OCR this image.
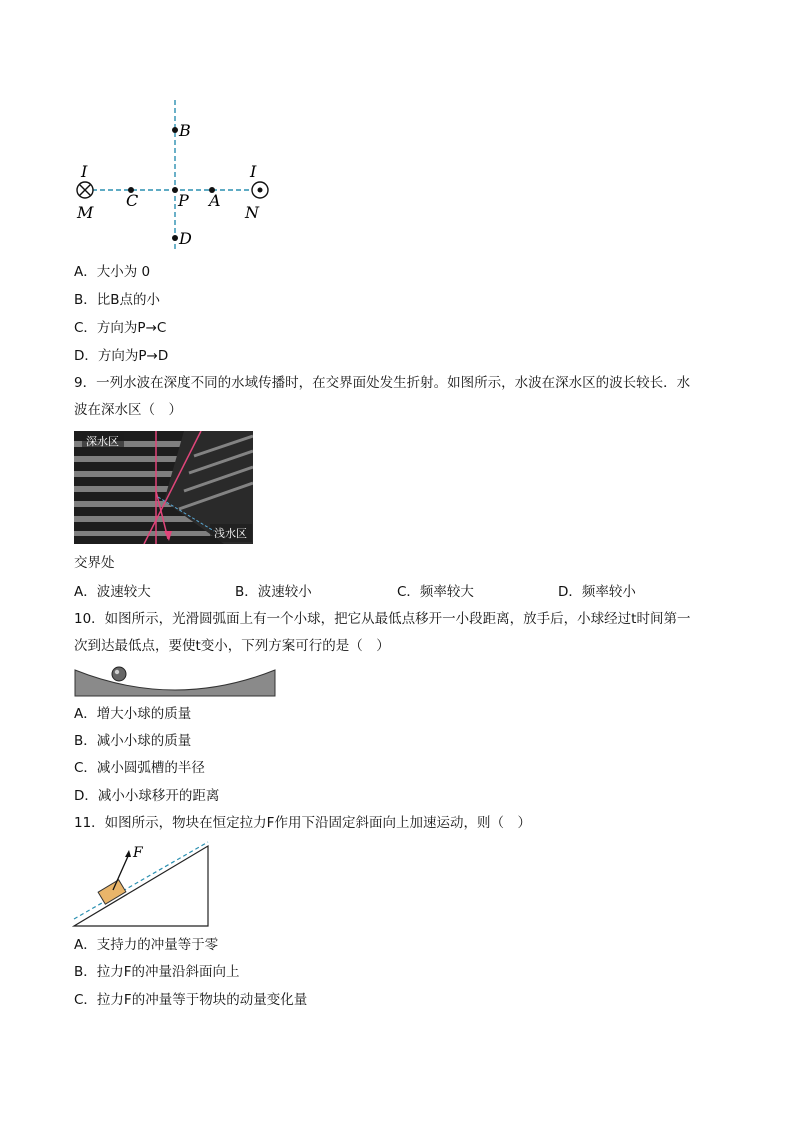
B
C P A
D
I
M
I
N
A．大小为 0
B．比B点的小
C．方向为P→C
D．方向为P→D
9．一列水波在深度不同的水域传播时，在交界面处发生折射。如图所示，水波在深水区的波长较长．水
波在深水区（　）
深水区
浅水区
交界处
A．波速较大	B．波速较小	C．频率较大	D．频率较小
10．如图所示，光滑圆弧面上有一个小球，把它从最低点移开一小段距离，放手后，小球经过t时间第一
次到达最低点，要使t变小，下列方案可行的是（　）
A．增大小球的质量
B．减小小球的质量
C．减小圆弧槽的半径
D．减小小球移开的距离
11．如图所示，物块在恒定拉力F作用下沿固定斜面向上加速运动，则（　）
F
A．支持力的冲量等于零
B．拉力F的冲量沿斜面向上
C．拉力F的冲量等于物块的动量变化量
